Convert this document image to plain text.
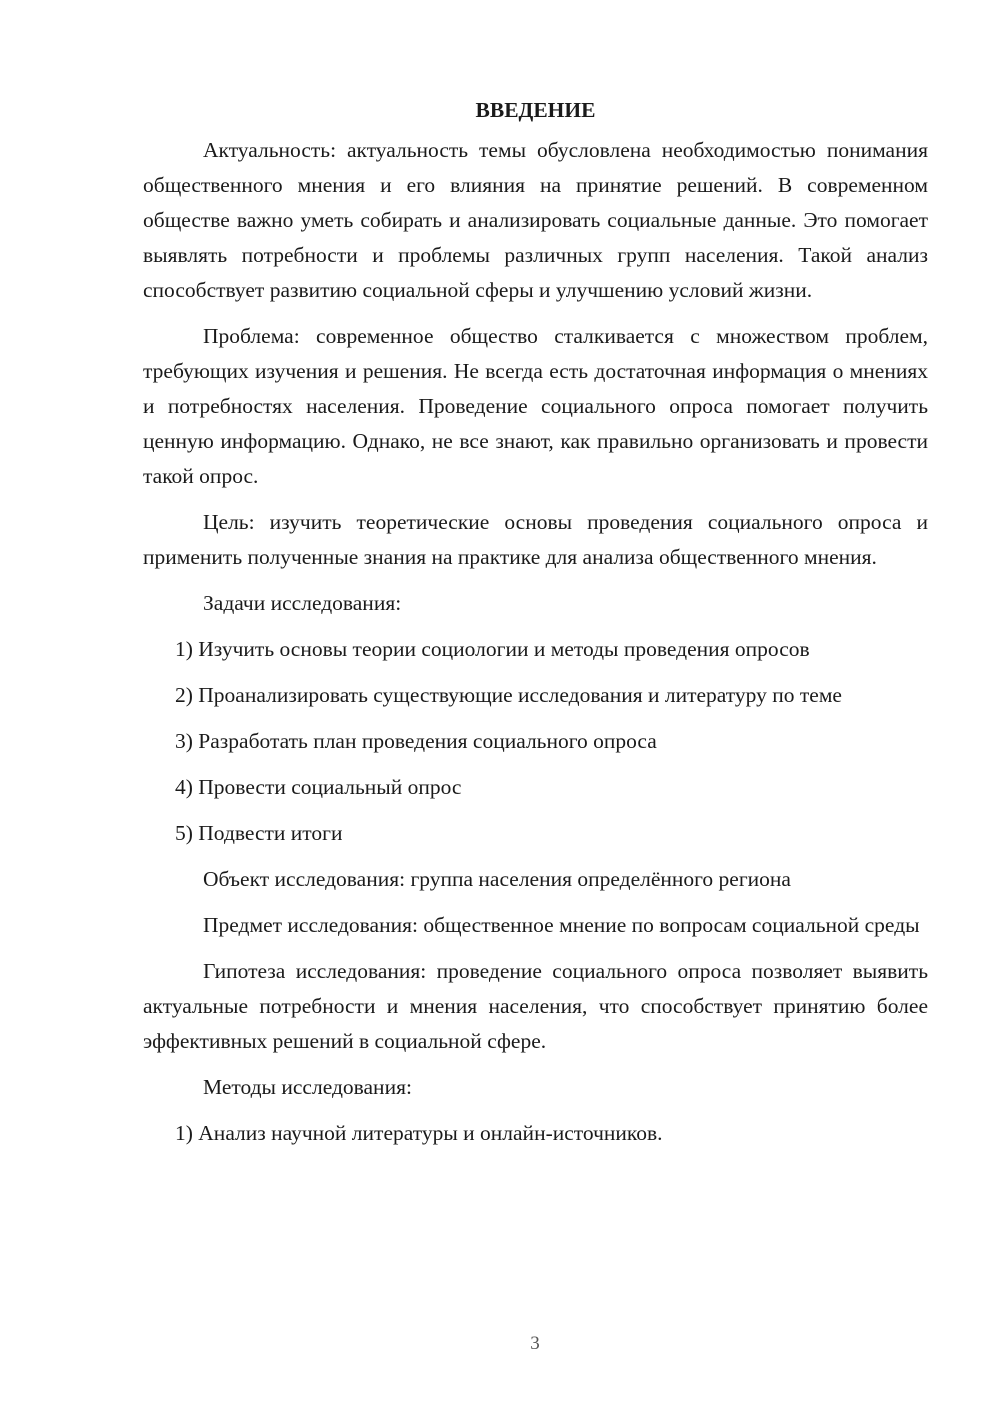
ВВЕДЕНИЕ

Актуальность: актуальность темы обусловлена необходимостью понимания общественного мнения и его влияния на принятие решений. В современном обществе важно уметь собирать и анализировать социальные данные. Это помогает выявлять потребности и проблемы различных групп населения. Такой анализ способствует развитию социальной сферы и улучшению условий жизни.

Проблема: современное общество сталкивается с множеством проблем, требующих изучения и решения. Не всегда есть достаточная информация о мнениях и потребностях населения. Проведение социального опроса помогает получить ценную информацию. Однако, не все знают, как правильно организовать и провести такой опрос.

Цель: изучить теоретические основы проведения социального опроса и применить полученные знания на практике для анализа общественного мнения.

Задачи исследования:

1) Изучить основы теории социологии и методы проведения опросов

2) Проанализировать существующие исследования и литературу по теме

3) Разработать план проведения социального опроса

4) Провести социальный опрос

5) Подвести итоги

Объект исследования: группа населения определённого региона

Предмет исследования: общественное мнение по вопросам социальной среды

Гипотеза исследования: проведение социального опроса позволяет выявить актуальные потребности и мнения населения, что способствует принятию более эффективных решений в социальной сфере.

Методы исследования:

1) Анализ научной литературы и онлайн-источников.

3
